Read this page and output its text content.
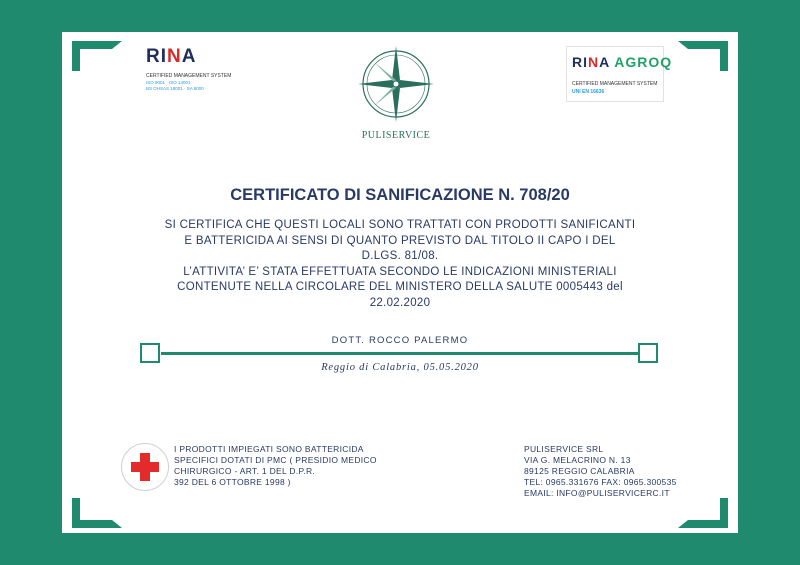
RINA
CERTIFIED MANAGEMENT SYSTEM
ISO 9001 · ISO 14001
BS OHSAS 18001 · SA 8000
PULISERVICE
RINA AGROQ
CERTIFIED MANAGEMENT SYSTEM
UNI EN 16636
CERTIFICATO DI SANIFICAZIONE N. 708/20
SI CERTIFICA CHE QUESTI LOCALI SONO TRATTATI CON PRODOTTI SANIFICANTI
E BATTERICIDA AI SENSI DI QUANTO PREVISTO DAL TITOLO II CAPO I DEL
D.LGS. 81/08.
L’ATTIVITA’ E’ STATA EFFETTUATA SECONDO LE INDICAZIONI MINISTERIALI
CONTENUTE NELLA CIRCOLARE DEL MINISTERO DELLA SALUTE 0005443 del
22.02.2020
DOTT. ROCCO PALERMO
Reggio di Calabria, 05.05.2020
I PRODOTTI IMPIEGATI SONO BATTERICIDA
SPECIFICI DOTATI DI PMC ( PRESIDIO MEDICO
CHIRURGICO - ART. 1 DEL D.P.R.
392 DEL 6 OTTOBRE 1998 )
PULISERVICE SRL
VIA G. MELACRINO N. 13
89125 REGGIO CALABRIA
TEL: 0965.331676 FAX: 0965.300535
EMAIL: INFO@PULISERVICERC.IT
